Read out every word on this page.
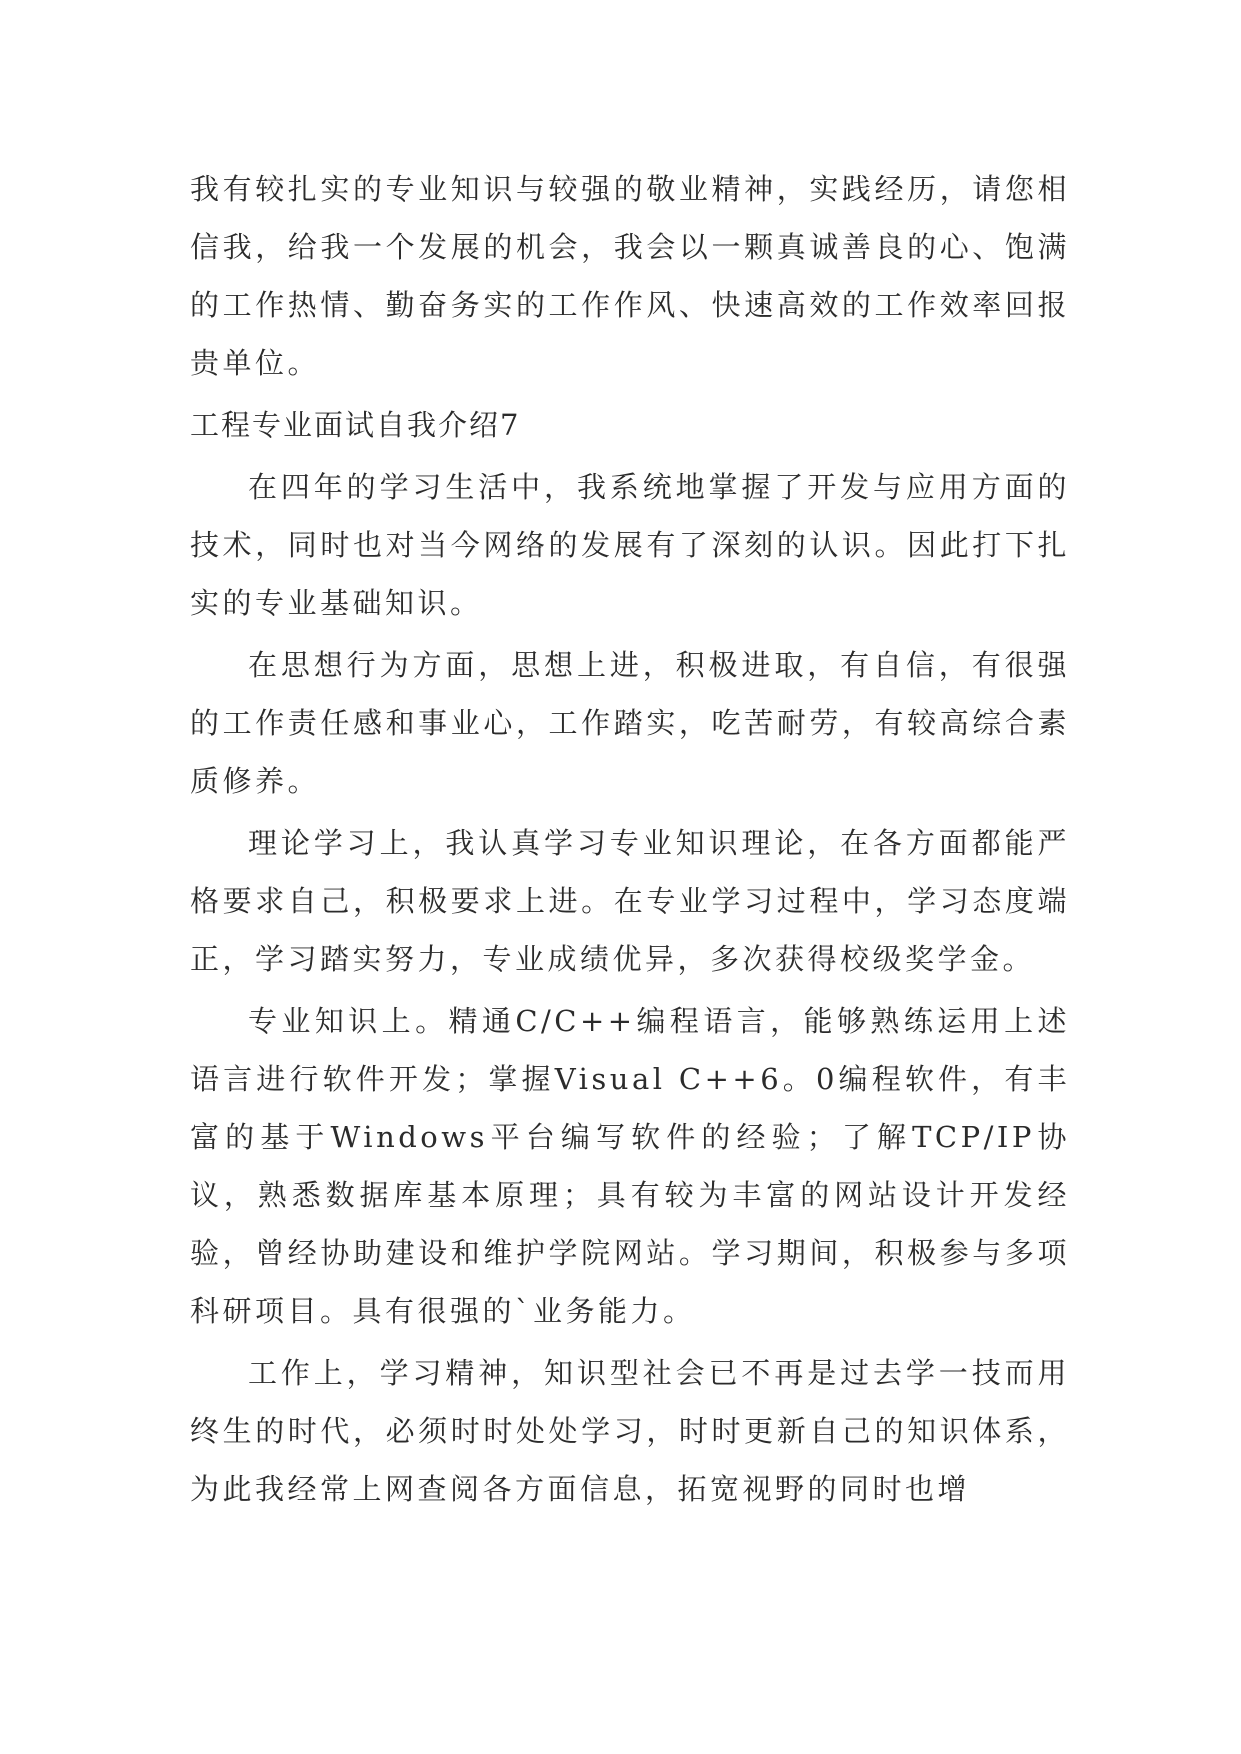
我有较扎实的专业知识与较强的敬业精神，实践经历，请您相信我，给我一个发展的机会，我会以一颗真诚善良的心、饱满的工作热情、勤奋务实的工作作风、快速高效的工作效率回报贵单位。

工程专业面试自我介绍7

在四年的学习生活中，我系统地掌握了开发与应用方面的技术，同时也对当今网络的发展有了深刻的认识。因此打下扎实的专业基础知识。

在思想行为方面，思想上进，积极进取，有自信，有很强的工作责任感和事业心，工作踏实，吃苦耐劳，有较高综合素质修养。

理论学习上，我认真学习专业知识理论，在各方面都能严格要求自己，积极要求上进。在专业学习过程中，学习态度端正，学习踏实努力，专业成绩优异，多次获得校级奖学金。

专业知识上。精通C/C++编程语言，能够熟练运用上述语言进行软件开发；掌握Visual C++6。0编程软件，有丰富的基于Windows平台编写软件的经验；了解TCP/IP协议，熟悉数据库基本原理；具有较为丰富的网站设计开发经验，曾经协助建设和维护学院网站。学习期间，积极参与多项科研项目。具有很强的`业务能力。

工作上，学习精神，知识型社会已不再是过去学一技而用终生的时代，必须时时处处学习，时时更新自己的知识体系，为此我经常上网查阅各方面信息，拓宽视野的同时也增
